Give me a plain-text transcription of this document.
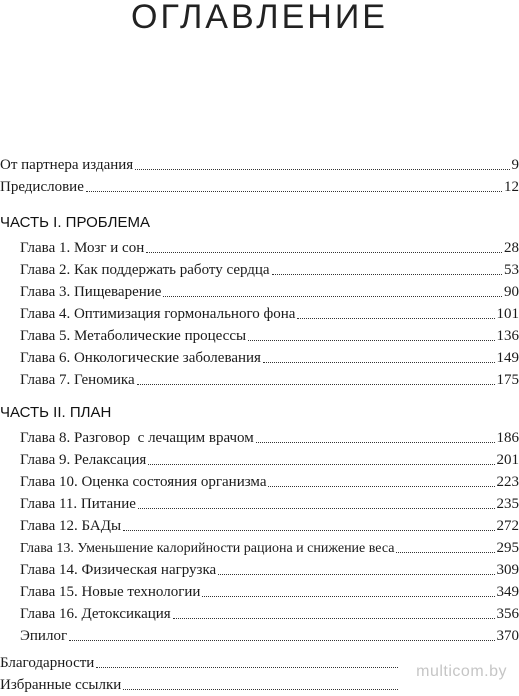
ОГЛАВЛЕНИЕ
От партнера издания	9
Предисловие	12
ЧАСТЬ I. ПРОБЛЕМА
Глава 1. Мозг и сон	28
Глава 2. Как поддержать работу сердца	53
Глава 3. Пищеварение	90
Глава 4. Оптимизация гормонального фона	101
Глава 5. Метаболические процессы	136
Глава 6. Онкологические заболевания	149
Глава 7. Геномика	175
ЧАСТЬ II. ПЛАН
Глава 8. Разговор  с лечащим врачом	186
Глава 9. Релаксация	201
Глава 10. Оценка состояния организма	223
Глава 11. Питание	235
Глава 12. БАДы	272
Глава 13. Уменьшение калорийности рациона и снижение веса	295
Глава 14. Физическая нагрузка	309
Глава 15. Новые технологии	349
Глава 16. Детоксикация	356
Эпилог	370
Благодарности
Избранные ссылки
multicom.by
